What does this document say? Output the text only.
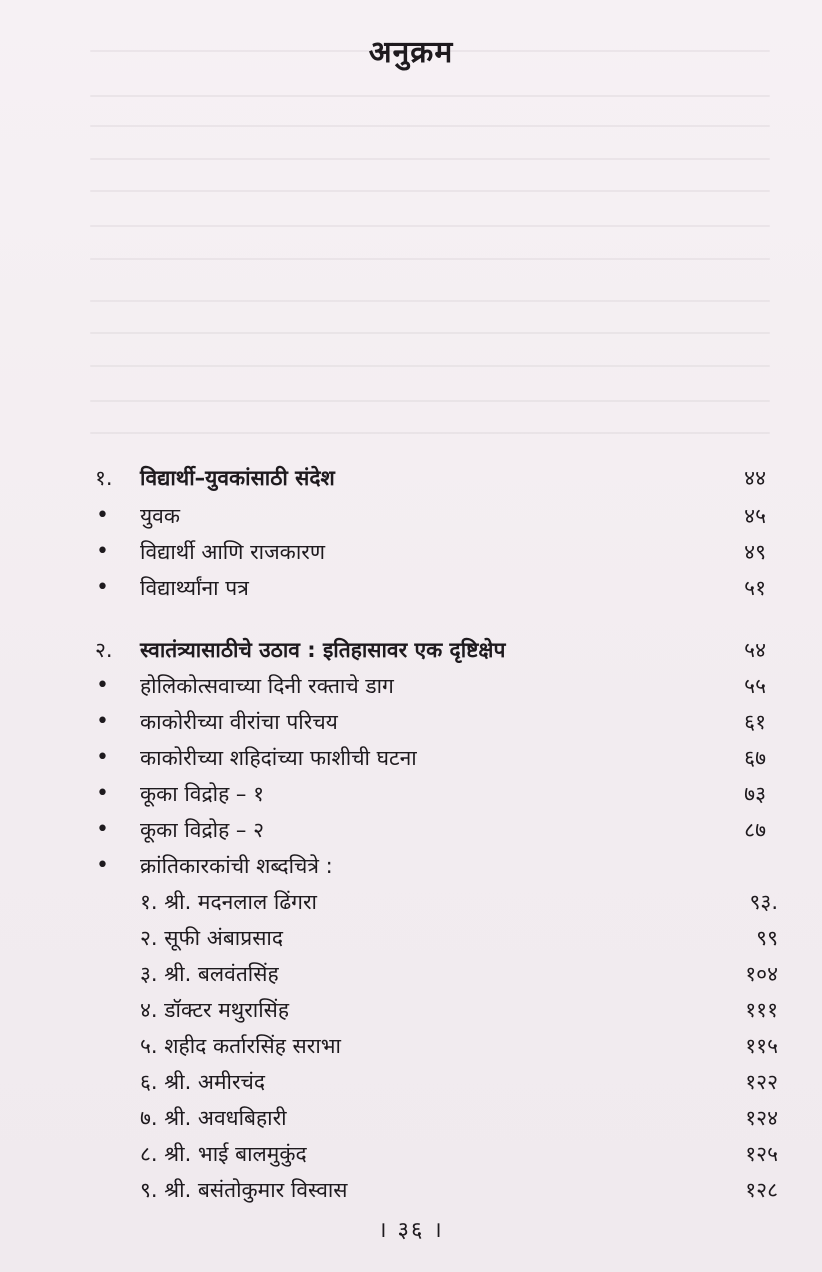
अनुक्रम
१. विद्यार्थी–युवकांसाठी संदेश	४४
• युवक	४५
• विद्यार्थी आणि राजकारण	४९
• विद्यार्थ्यांना पत्र	५१
२. स्वातंत्र्यासाठीचे उठाव : इतिहासावर एक दृष्टिक्षेप	५४
• होलिकोत्सवाच्या दिनी रक्ताचे डाग	५५
• काकोरीच्या वीरांचा परिचय	६१
• काकोरीच्या शहिदांच्या फाशीची घटना	६७
• कूका विद्रोह – १	७३
• कूका विद्रोह – २	८७
• क्रांतिकारकांची शब्दचित्रे :
१. श्री. मदनलाल ढिंगरा	९३.
२. सूफी अंबाप्रसाद	९९
३. श्री. बलवंतसिंह	१०४
४. डॉक्टर मथुरासिंह	१११
५. शहीद कर्तारसिंह सराभा	११५
६. श्री. अमीरचंद	१२२
७. श्री. अवधबिहारी	१२४
८. श्री. भाई बालमुकुंद	१२५
९. श्री. बसंतोकुमार विस्वास	१२८
। ३६ ।
